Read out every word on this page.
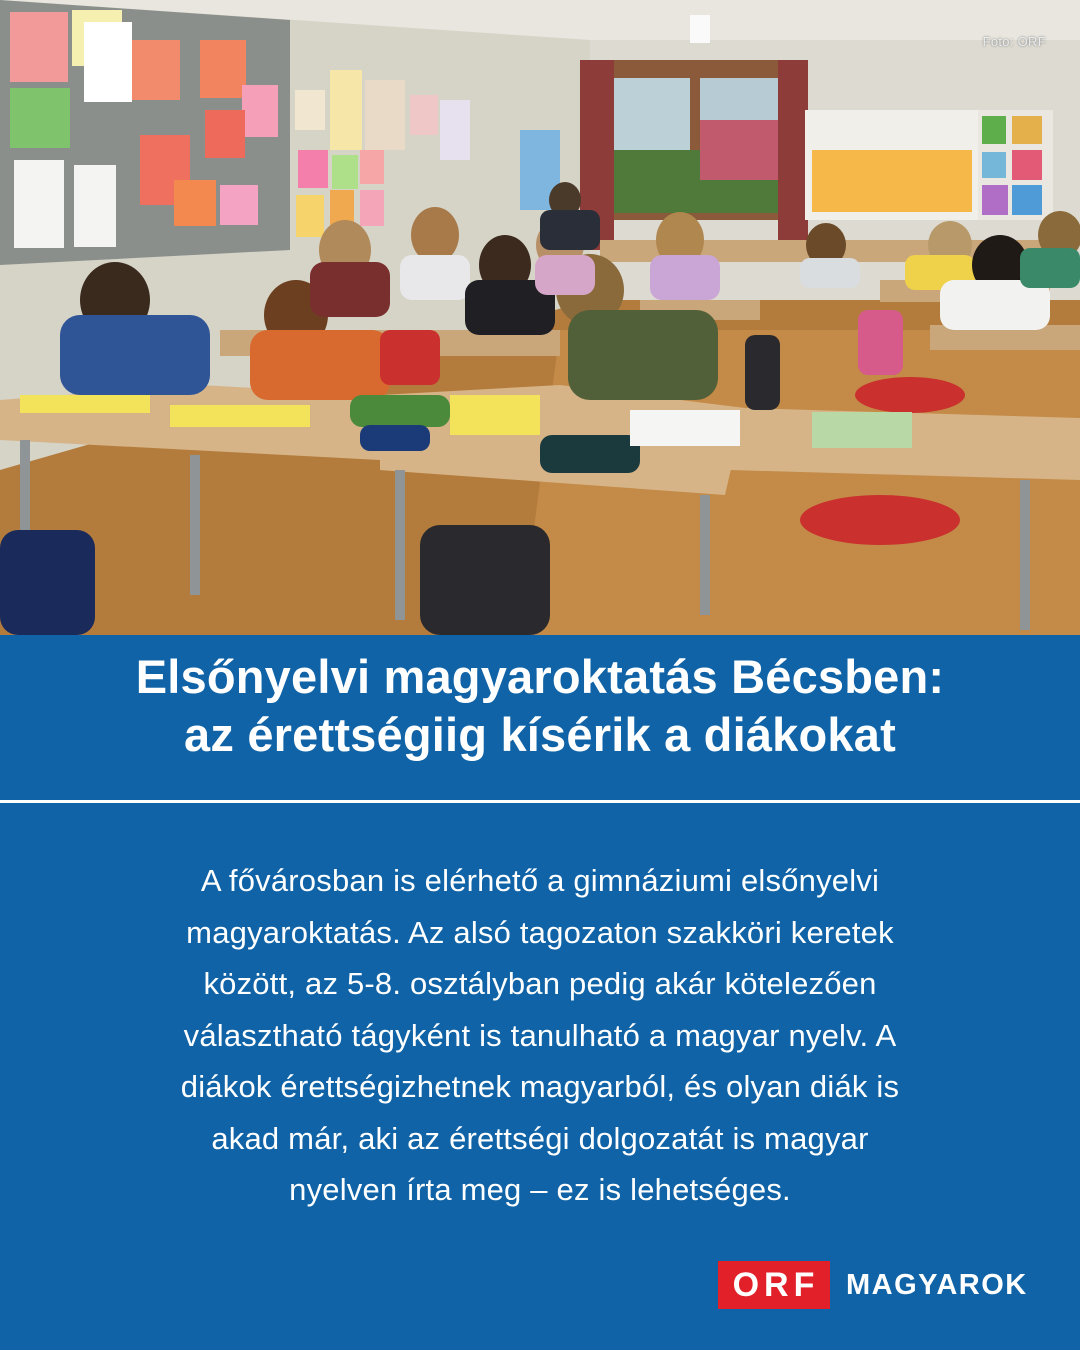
Foto: ORF
Elsőnyelvi magyaroktatás Bécsben:
az érettségiig kísérik a diákokat
A fővárosban is elérhető a gimnáziumi elsőnyelvi
magyaroktatás. Az alsó tagozaton szakköri keretek
között, az 5-8. osztályban pedig akár kötelezően
választható tágyként is tanulható a magyar nyelv. A
diákok érettségizhetnek magyarból, és olyan diák is
akad már, aki az érettségi dolgozatát is magyar
nyelven írta meg – ez is lehetséges.
ORF MAGYAROK
